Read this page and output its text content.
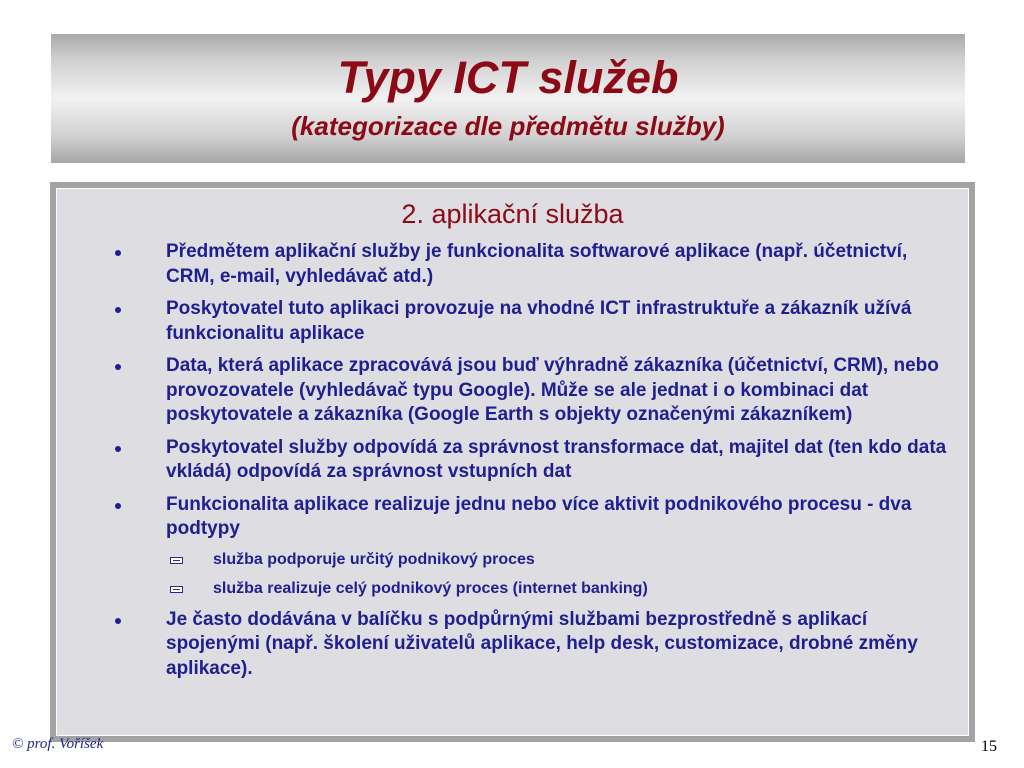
Typy ICT služeb
(kategorizace dle předmětu služby)
2. aplikační služba
Předmětem aplikační služby je funkcionalita softwarové aplikace (např. účetnictví, CRM, e-mail, vyhledávač atd.)
Poskytovatel tuto aplikaci provozuje na vhodné ICT infrastruktuře a zákazník užívá funkcionalitu aplikace
Data, která aplikace zpracovává jsou buď výhradně zákazníka (účetnictví, CRM), nebo provozovatele (vyhledávač typu Google). Může se ale jednat i o kombinaci dat poskytovatele a zákazníka (Google Earth s objekty označenými zákazníkem)
Poskytovatel služby odpovídá za správnost transformace dat, majitel dat (ten kdo data vkládá) odpovídá za správnost vstupních dat
Funkcionalita aplikace realizuje jednu nebo více aktivit podnikového procesu - dva podtypy
služba podporuje určitý podnikový proces
služba realizuje celý podnikový proces (internet banking)
Je často dodávána v balíčku s podpůrnými službami bezprostředně s aplikací spojenými (např. školení uživatelů aplikace, help desk, customizace, drobné změny aplikace).
© prof. Voříšek	15
